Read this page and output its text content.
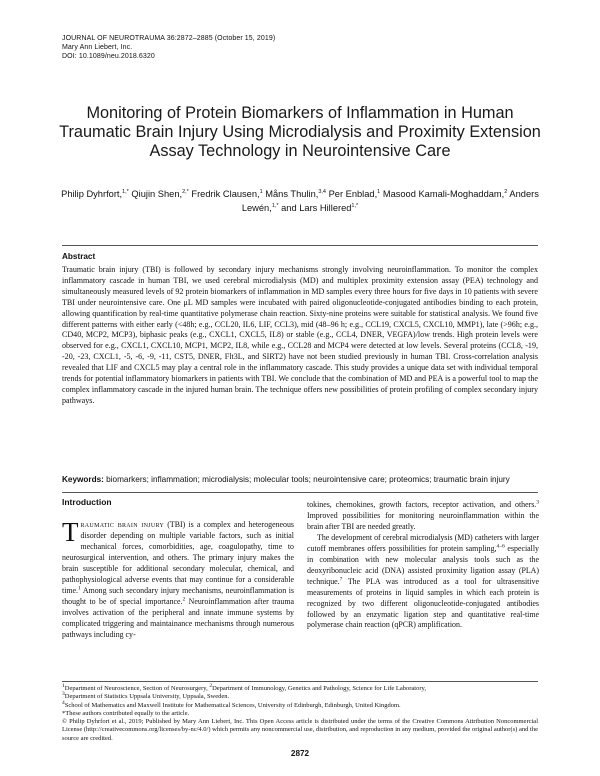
JOURNAL OF NEUROTRAUMA 36:2872–2885 (October 15, 2019)
Mary Ann Liebert, Inc.
DOI: 10.1089/neu.2018.6320
Monitoring of Protein Biomarkers of Inflammation in Human Traumatic Brain Injury Using Microdialysis and Proximity Extension Assay Technology in Neurointensive Care
Philip Dyhrfort,$^{1,*}$ Qiujin Shen,$^{2,*}$ Fredrik Clausen,$^1$ Måns Thulin,$^{3,4}$ Per Enblad,$^1$ Masood Kamali-Moghaddam,$^2$ Anders Lewén,$^{1,*}$ and Lars Hillered$^{1,*}$
Abstract
Traumatic brain injury (TBI) is followed by secondary injury mechanisms strongly involving neuroinflammation. To monitor the complex inflammatory cascade in human TBI, we used cerebral microdialysis (MD) and multiplex proximity extension assay (PEA) technology and simultaneously measured levels of 92 protein biomarkers of inflammation in MD samples every three hours for five days in 10 patients with severe TBI under neurointensive care. One μL MD samples were incubated with paired oligonucleotide-conjugated antibodies binding to each protein, allowing quantification by real-time quantitative polymerase chain reaction. Sixty-nine proteins were suitable for statistical analysis. We found five different patterns with either early (<48h; e.g., CCL20, IL6, LIF, CCL3), mid (48–96 h; e.g., CCL19, CXCL5, CXCL10, MMP1), late (>96h; e.g., CD40, MCP2, MCP3), biphasic peaks (e.g., CXCL1, CXCL5, IL8) or stable (e.g., CCL4, DNER, VEGFA)/low trends. High protein levels were observed for e.g., CXCL1, CXCL10, MCP1, MCP2, IL8, while e.g., CCL28 and MCP4 were detected at low levels. Several proteins (CCL8, -19, -20, -23, CXCL1, -5, -6, -9, -11, CST5, DNER, Flt3L, and SIRT2) have not been studied previously in human TBI. Cross-correlation analysis revealed that LIF and CXCL5 may play a central role in the inflammatory cascade. This study provides a unique data set with individual temporal trends for potential inflammatory biomarkers in patients with TBI. We conclude that the combination of MD and PEA is a powerful tool to map the complex inflammatory cascade in the injured human brain. The technique offers new possibilities of protein profiling of complex secondary injury pathways.
Keywords: biomarkers; inflammation; microdialysis; molecular tools; neurointensive care; proteomics; traumatic brain injury
Introduction

Traumatic brain injury (TBI) is a complex and heterogeneous disorder depending on multiple variable factors, such as initial mechanical forces, comorbidities, age, coagulopathy, time to neurosurgical intervention, and others. The primary injury makes the brain susceptible for additional secondary molecular, chemical, and pathophysiological adverse events that may continue for a considerable time.$^1$ Among such secondary injury mechanisms, neuroinflammation is thought to be of special importance.$^2$ Neuroinflammation after trauma involves activation of the peripheral and innate immune systems by complicated triggering and maintainance mechanisms through numerous pathways including cy-

tokines, chemokines, growth factors, receptor activation, and others.$^3$ Improved possibilities for monitoring neuroinflammation within the brain after TBI are needed greatly.

The development of cerebral microdialysis (MD) catheters with larger cutoff membranes offers possibilities for protein sampling,$^{4-6}$ especially in combination with new molecular analysis tools such as the deoxyribonucleic acid (DNA) assisted proximity ligation assay (PLA) technique.$^7$ The PLA was introduced as a tool for ultrasensitive measurements of proteins in liquid samples in which each protein is recognized by two different oligonucleotide-conjugated antibodies followed by an enzymatic ligation step and quantitative real-time polymerase chain reaction (qPCR) amplification.

$^1$Department of Neuroscience, Section of Neurosurgery, $^2$Department of Immunology, Genetics and Pathology, Science for Life Laboratory,
$^3$Department of Statistics Uppsala University, Uppsala, Sweden.
$^4$School of Mathematics and Maxwell Institute for Mathematical Sciences, University of Edinburgh, Edinburgh, United Kingdom.
*These authors contributed equally to the article.
© Philip Dyhrfort et al., 2019; Published by Mary Ann Liebert, Inc. This Open Access article is distributed under the terms of the Creative Commons Attribution Noncommercial License (http://creativecommons.org/licenses/by-nc/4.0/) which permits any noncommercial use, distribution, and reproduction in any medium, provided the original author(s) and the source are credited.
2872
